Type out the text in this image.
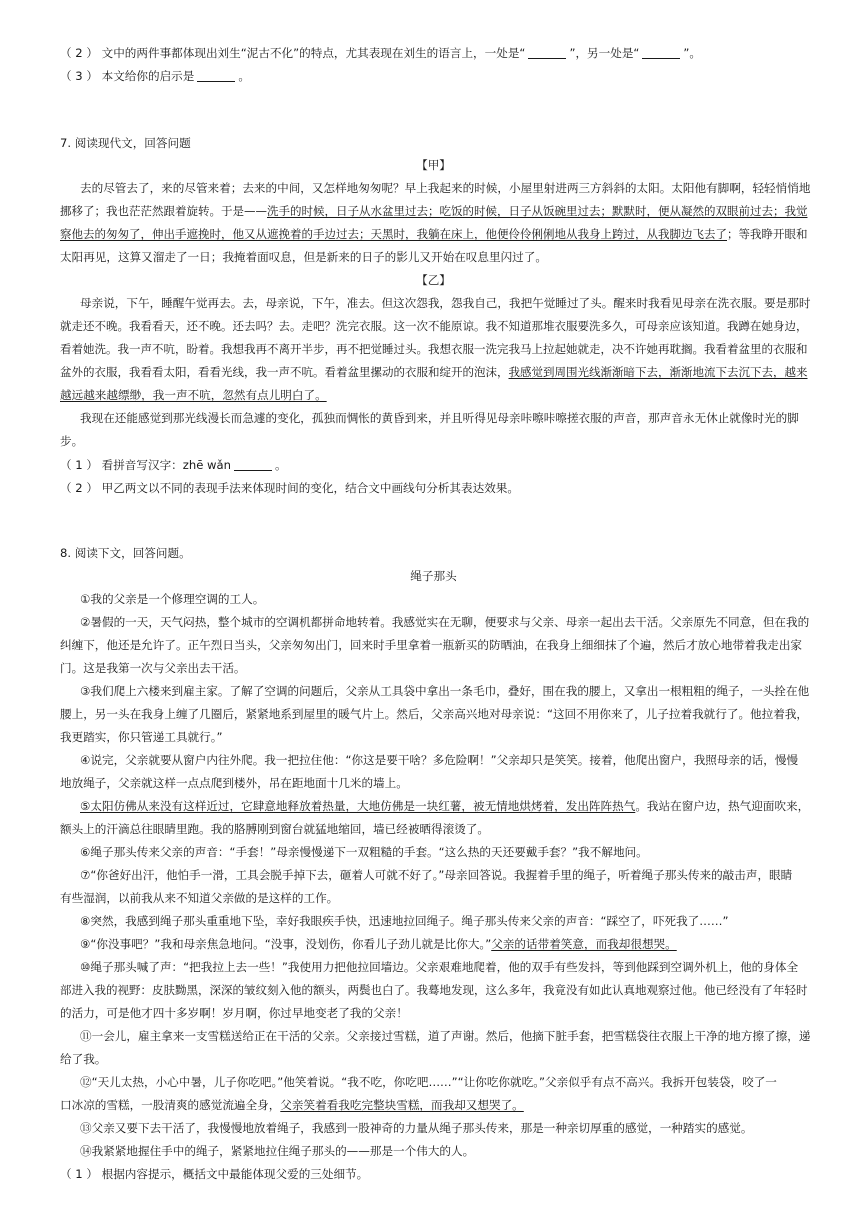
（ 2 ） 文中的两件事都体现出刘生“泥古不化”的特点，尤其表现在刘生的语言上，一处是“	”，另一处是“	”。
（ 3 ） 本文给你的启示是	。
7. 阅读现代文，回答问题
【甲】
去的尽管去了，来的尽管来着；去来的中间，又怎样地匆匆呢？早上我起来的时候，小屋里射进两三方斜斜的太阳。太阳他有脚啊，轻轻悄悄地
挪移了；我也茫茫然跟着旋转。于是——洗手的时候，日子从水盆里过去；吃饭的时候，日子从饭碗里过去；默默时，便从凝然的双眼前过去；我觉
察他去的匆匆了，伸出手遮挽时，他又从遮挽着的手边过去；天黑时，我躺在床上，他便伶伶俐俐地从我身上跨过，从我脚边飞去了；等我睁开眼和
太阳再见，这算又溜走了一日；我掩着面叹息，但是新来的日子的影儿又开始在叹息里闪过了。
【乙】
母亲说，下午，睡醒午觉再去。去，母亲说，下午，准去。但这次怨我，怨我自己，我把午觉睡过了头。醒来时我看见母亲在洗衣服。要是那时
就走还不晚。我看看天，还不晚。还去吗？去。走吧？洗完衣服。这一次不能原谅。我不知道那堆衣服要洗多久，可母亲应该知道。我蹲在她身边，
看着她洗。我一声不吭，盼着。我想我再不离开半步，再不把觉睡过头。我想衣服一洗完我马上拉起她就走，决不许她再耽搁。我看着盆里的衣服和
盆外的衣服，我看看太阳，看看光线，我一声不吭。看着盆里摞动的衣服和绽开的泡沫，我感觉到周围光线渐渐暗下去，渐渐地流下去沉下去，越来
越远越来越缥缈，我一声不吭，忽然有点儿明白了。
我现在还能感觉到那光线漫长而急遽的变化，孤独而惆怅的黄昏到来，并且听得见母亲咔嚓咔嚓搓衣服的声音，那声音永无休止就像时光的脚
步。
（ 1 ） 看拼音写汉字：zhē wǎn	。
（ 2 ） 甲乙两文以不同的表现手法来体现时间的变化，结合文中画线句分析其表达效果。
8. 阅读下文，回答问题。
绳子那头
①我的父亲是一个修理空调的工人。
②暑假的一天，天气闷热，整个城市的空调机都拼命地转着。我感觉实在无聊，便要求与父亲、母亲一起出去干活。父亲原先不同意，但在我的
纠缠下，他还是允许了。正午烈日当头，父亲匆匆出门，回来时手里拿着一瓶新买的防晒油，在我身上细细抹了个遍，然后才放心地带着我走出家
门。这是我第一次与父亲出去干活。
③我们爬上六楼来到雇主家。了解了空调的问题后，父亲从工具袋中拿出一条毛巾，叠好，围在我的腰上，又拿出一根粗粗的绳子，一头拴在他
腰上，另一头在我身上缠了几圈后，紧紧地系到屋里的暖气片上。然后，父亲高兴地对母亲说：“这回不用你来了，儿子拉着我就行了。他拉着我，
我更踏实，你只管递工具就行。”
④说完，父亲就要从窗户内往外爬。我一把拉住他：“你这是要干啥？多危险啊！”父亲却只是笑笑。接着，他爬出窗户，我照母亲的话，慢慢
地放绳子，父亲就这样一点点爬到楼外，吊在距地面十几米的墙上。
⑤太阳仿佛从来没有这样近过，它肆意地释放着热量，大地仿佛是一块红薯，被无情地烘烤着，发出阵阵热气。我站在窗户边，热气迎面吹来，
额头上的汗滴总往眼睛里跑。我的胳膊刚到窗台就猛地缩回，墙已经被晒得滚烫了。
⑥绳子那头传来父亲的声音：“手套！”母亲慢慢递下一双粗糙的手套。“这么热的天还要戴手套？”我不解地问。
⑦“你爸好出汗，他怕手一滑，工具会脱手掉下去，砸着人可就不好了。”母亲回答说。我握着手里的绳子，听着绳子那头传来的敲击声，眼睛
有些湿润，以前我从来不知道父亲做的是这样的工作。
⑧突然，我感到绳子那头重重地下坠，幸好我眼疾手快，迅速地拉回绳子。绳子那头传来父亲的声音：“踩空了，吓死我了……”
⑨“你没事吧？”我和母亲焦急地问。“没事，没划伤，你看儿子劲儿就是比你大。”父亲的话带着笑意，而我却很想哭。
⑩绳子那头喊了声：“把我拉上去一些！”我使用力把他拉回墙边。父亲艰难地爬着，他的双手有些发抖，等到他踩到空调外机上，他的身体全
部进入我的视野：皮肤黝黑，深深的皱纹刻入他的额头，两鬓也白了。我蓦地发现，这么多年，我竟没有如此认真地观察过他。他已经没有了年轻时
的活力，可是他才四十多岁啊！岁月啊，你过早地变老了我的父亲！
⑪一会儿，雇主拿来一支雪糕送给正在干活的父亲。父亲接过雪糕，道了声谢。然后，他摘下脏手套，把雪糕袋往衣服上干净的地方擦了擦，递
给了我。
⑫“天儿太热，小心中暑，儿子你吃吧。”他笑着说。“我不吃，你吃吧……”“让你吃你就吃。”父亲似乎有点不高兴。我拆开包装袋，咬了一
口冰凉的雪糕，一股清爽的感觉流遍全身，父亲笑着看我吃完整块雪糕，而我却又想哭了。
⑬父亲又要下去干活了，我慢慢地放着绳子，我感到一股神奇的力量从绳子那头传来，那是一种亲切厚重的感觉，一种踏实的感觉。
⑭我紧紧地握住手中的绳子，紧紧地拉住绳子那头的——那是一个伟大的人。
（ 1 ） 根据内容提示，概括文中最能体现父爱的三处细节。
